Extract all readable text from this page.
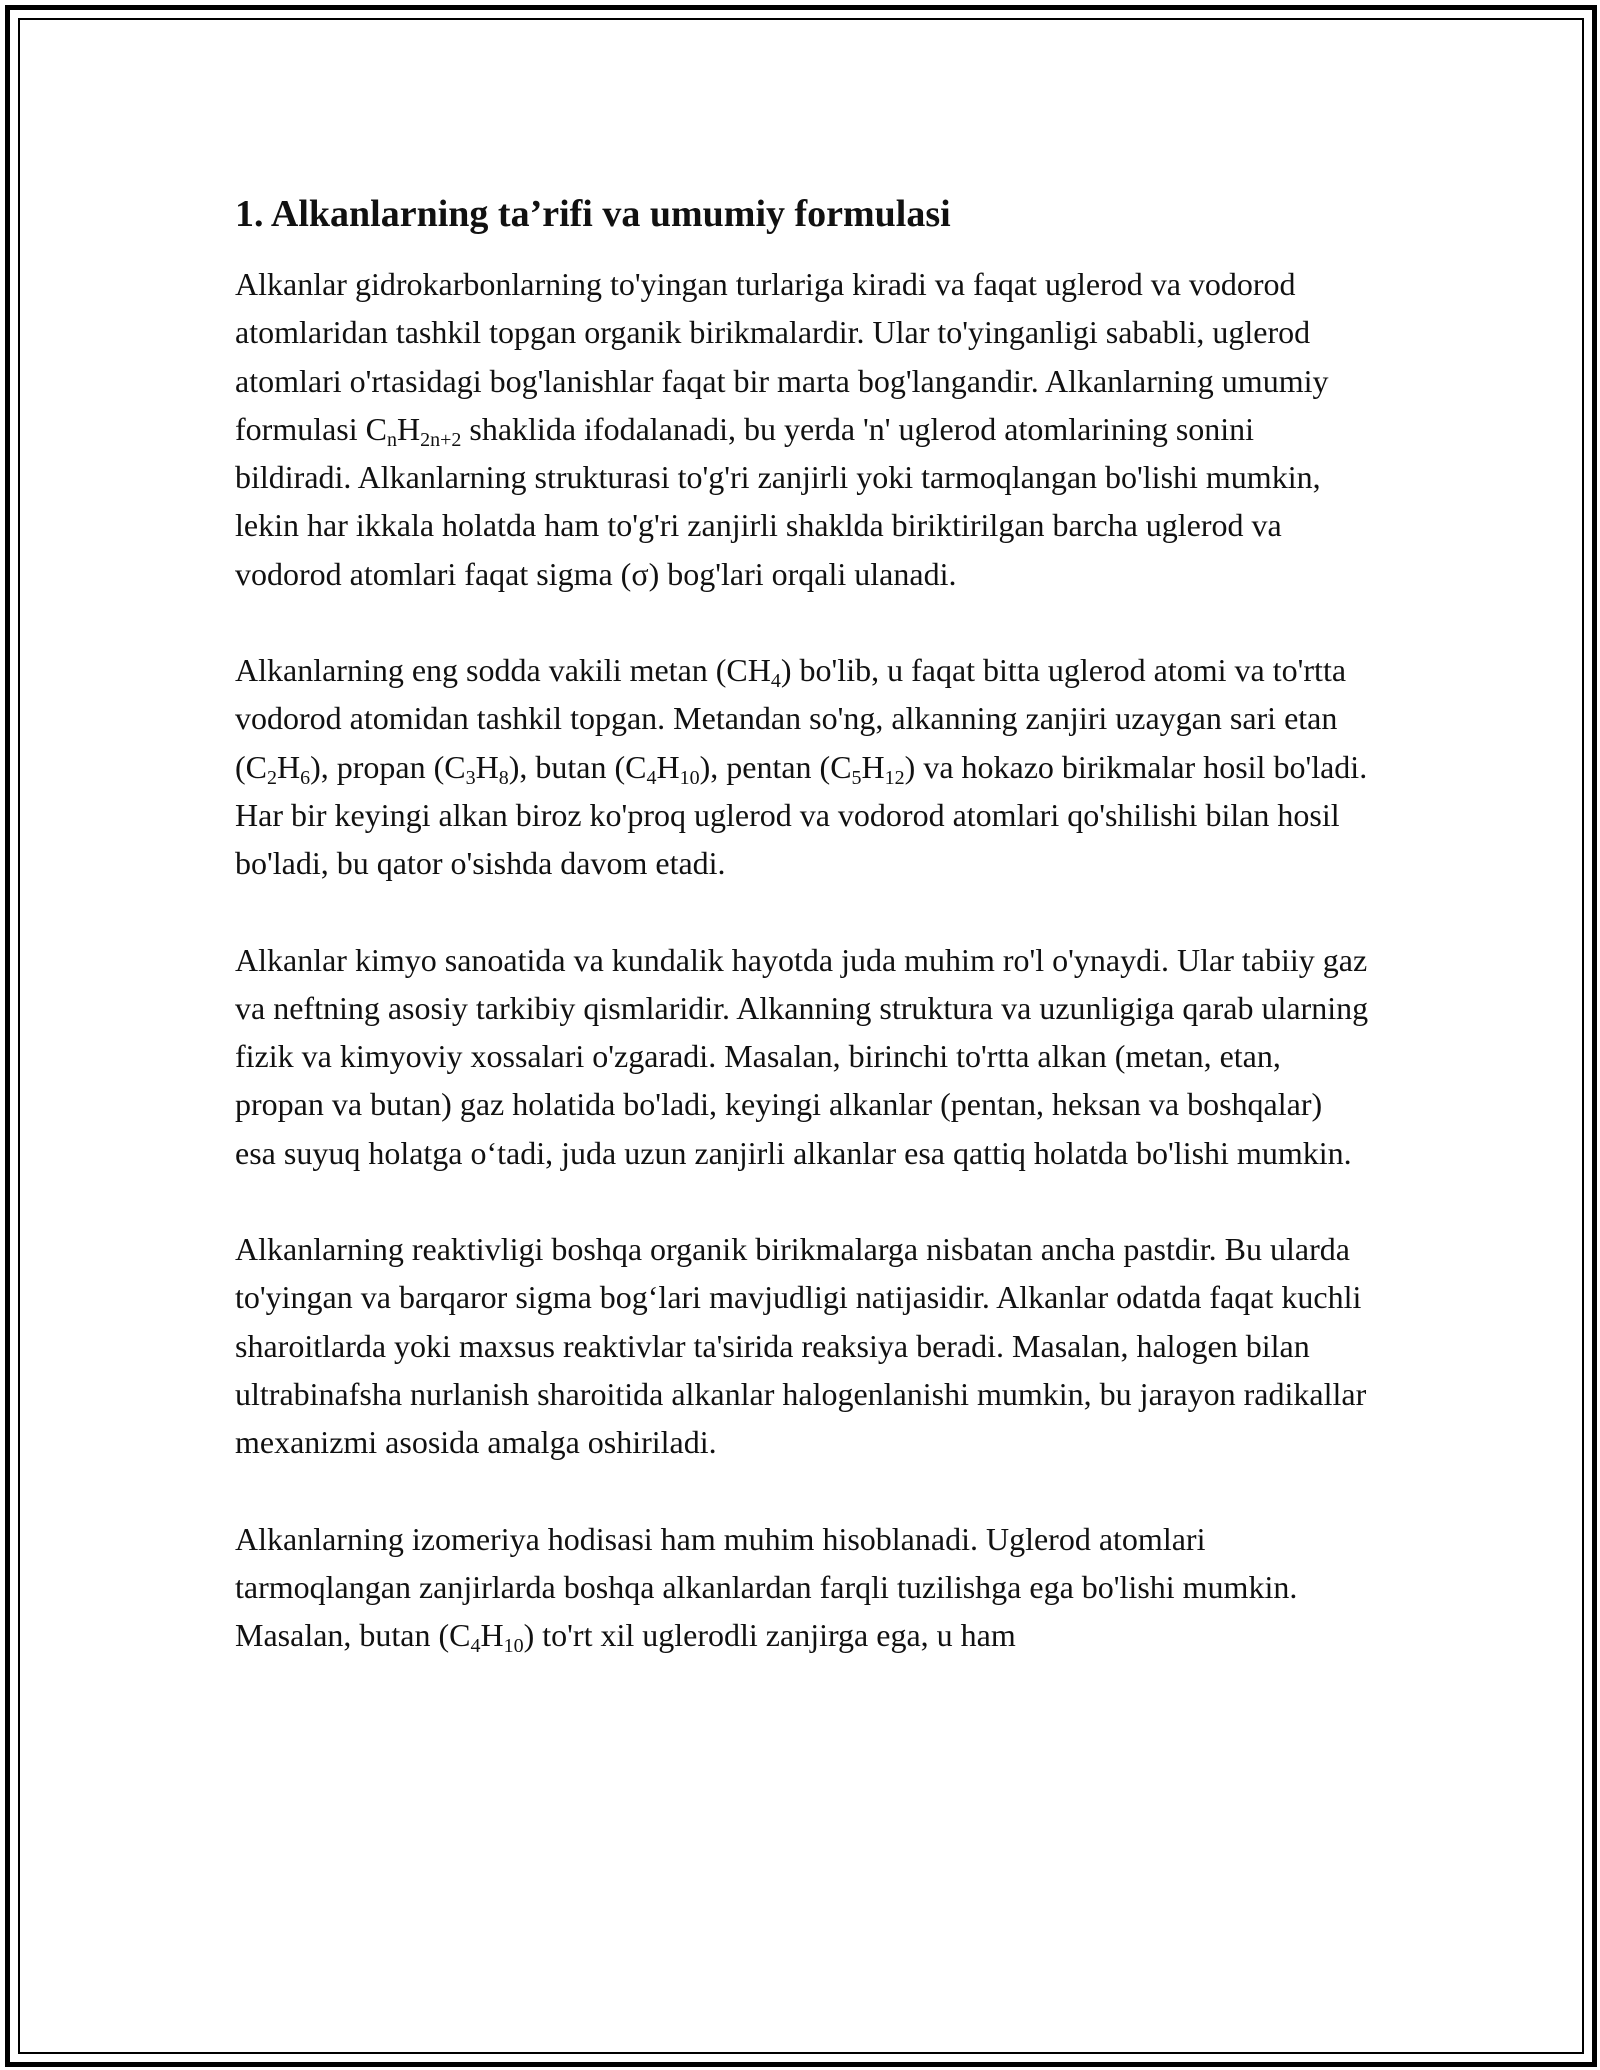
1. Alkanlarning ta’rifi va umumiy formulasi

Alkanlar gidrokarbonlarning to'yingan turlariga kiradi va faqat uglerod va vodorod atomlaridan tashkil topgan organik birikmalardir. Ular to'yinganligi sababli, uglerod atomlari o'rtasidagi bog'lanishlar faqat bir marta bog'langandir. Alkanlarning umumiy formulasi $C_nH_{2n+2}$ shaklida ifodalanadi, bu yerda 'n' uglerod atomlarining sonini bildiradi. Alkanlarning strukturasi to'g'ri zanjirli yoki tarmoqlangan bo'lishi mumkin, lekin har ikkala holatda ham to'g'ri zanjirli shakldа biriktirilgan barcha uglerod va vodorod atomlari faqat sigma (σ) bog'lari orqali ulanadi.

Alkanlarning eng sodda vakili metan $(CH_4)$ bo'lib, u faqat bitta uglerod atomi va to'rtta vodorod atomidan tashkil topgan. Metandan so'ng, alkanning zanjiri uzaygan sari etan $(C_2H_6)$, propan $(C_3H_8)$, butan $(C_4H_{10})$, pentan $(C_5H_{12})$ va hokazo birikmalar hosil bo'ladi. Har bir keyingi alkan biroz ko'proq uglerod va vodorod atomlari qo'shilishi bilan hosil bo'ladi, bu qator o'sishda davom etadi.

Alkanlar kimyo sanoatida va kundalik hayotda juda muhim ro'l o'ynaydi. Ular tabiiy gaz va neftning asosiy tarkibiy qismlaridir. Alkanning struktura va uzunligiga qarab ularning fizik va kimyoviy xossalari o'zgaradi. Masalan, birinchi to'rtta alkan (metan, etan, propan va butan) gaz holatida bo'ladi, keyingi alkanlar (pentan, heksan va boshqalar) esa suyuq holatga o‘tadi, juda uzun zanjirli alkanlar esa qattiq holatda bo'lishi mumkin.

Alkanlarning reaktivligi boshqa organik birikmalarga nisbatan ancha pastdir. Bu ularda to'yingan va barqaror sigma bog‘lari mavjudligi natijasidir. Alkanlar odatda faqat kuchli sharoitlarda yoki maxsus reaktivlar ta'sirida reaksiya beradi. Masalan, halogen bilan ultrabinafsha nurlanish sharoitida alkanlar halogenlanishi mumkin, bu jarayon radikallar mexanizmi asosida amalga oshiriladi.

Alkanlarning izomeriya hodisasi ham muhim hisoblanadi. Uglerod atomlari tarmoqlangan zanjirlarda boshqa alkanlardan farqli tuzilishga ega bo'lishi mumkin. Masalan, butan $(C_4H_{10})$ to'rt xil uglerodli zanjirga ega, u ham
